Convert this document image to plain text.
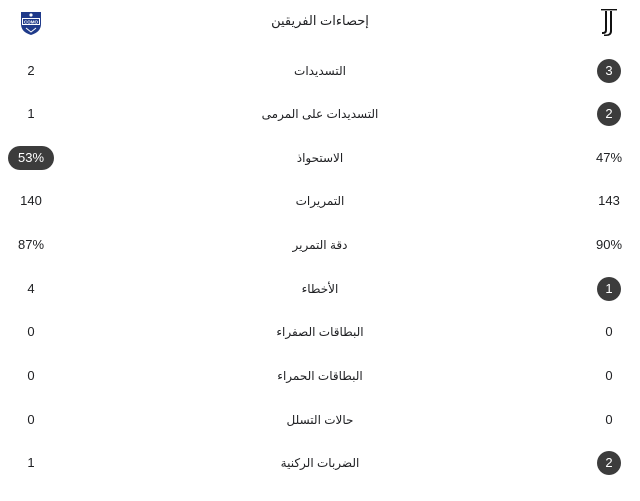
COMO	إحصاءات الفريقين
2	التسديدات	3
1	التسديدات على المرمى	2
53%	الاستحواذ	47%
140	التمريرات	143
87%	دقة التمرير	90%
4	الأخطاء	1
0	البطاقات الصفراء	0
0	البطاقات الحمراء	0
0	حالات التسلل	0
1	الضربات الركنية	2
